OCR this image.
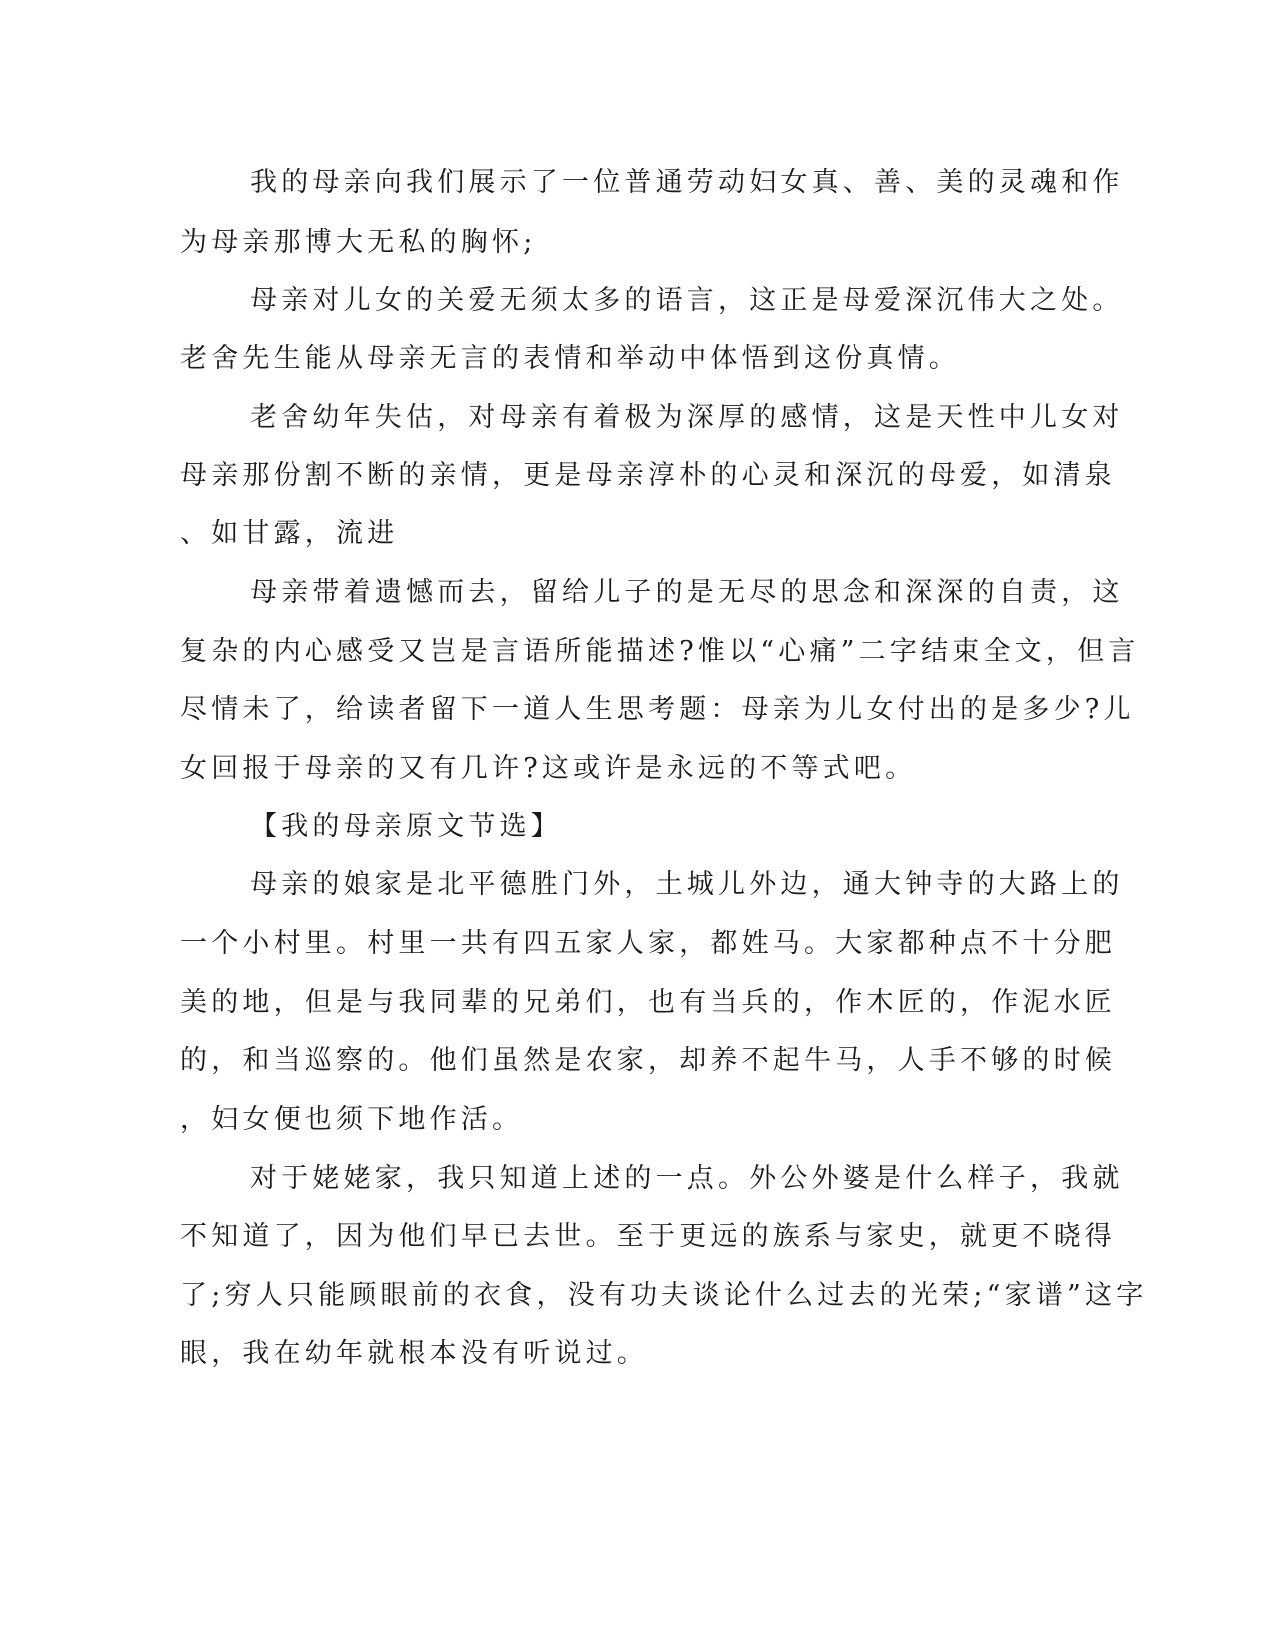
我的母亲向我们展示了一位普通劳动妇女真、善、美的灵魂和作
为母亲那博大无私的胸怀;
母亲对儿女的关爱无须太多的语言，这正是母爱深沉伟大之处。
老舍先生能从母亲无言的表情和举动中体悟到这份真情。
老舍幼年失估，对母亲有着极为深厚的感情，这是天性中儿女对
母亲那份割不断的亲情，更是母亲淳朴的心灵和深沉的母爱，如清泉
、如甘露，流进
母亲带着遗憾而去，留给儿子的是无尽的思念和深深的自责，这
复杂的内心感受又岂是言语所能描述?惟以“心痛”二字结束全文，但言
尽情未了，给读者留下一道人生思考题：母亲为儿女付出的是多少?儿
女回报于母亲的又有几许?这或许是永远的不等式吧。
【我的母亲原文节选】
母亲的娘家是北平德胜门外，土城儿外边，通大钟寺的大路上的
一个小村里。村里一共有四五家人家，都姓马。大家都种点不十分肥
美的地，但是与我同辈的兄弟们，也有当兵的，作木匠的，作泥水匠
的，和当巡察的。他们虽然是农家，却养不起牛马，人手不够的时候
，妇女便也须下地作活。
对于姥姥家，我只知道上述的一点。外公外婆是什么样子，我就
不知道了，因为他们早已去世。至于更远的族系与家史，就更不晓得
了;穷人只能顾眼前的衣食，没有功夫谈论什么过去的光荣;“家谱”这字
眼，我在幼年就根本没有听说过。
